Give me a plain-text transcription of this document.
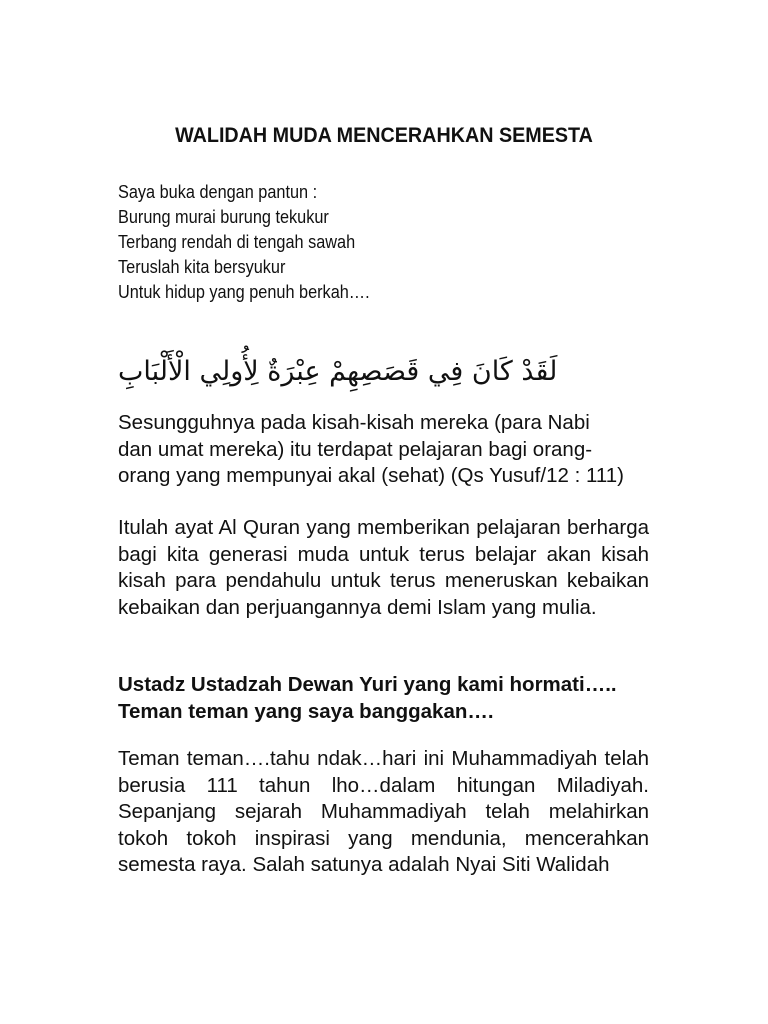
WALIDAH MUDA MENCERAHKAN SEMESTA
Saya buka dengan pantun :
Burung murai burung tekukur
Terbang rendah di tengah sawah
Teruslah kita bersyukur
Untuk hidup yang penuh berkah….
لَقَدْ كَانَ فِي قَصَصِهِمْ عِبْرَةٌ لِأُولِي الْأَلْبَابِ
Sesungguhnya pada kisah-kisah mereka (para Nabi
dan umat mereka) itu terdapat pelajaran bagi orang-
orang yang mempunyai akal (sehat) (Qs Yusuf/12 : 111)
Itulah ayat Al Quran yang memberikan pelajaran berharga bagi kita generasi muda untuk terus belajar akan kisah kisah para pendahulu untuk terus meneruskan kebaikan kebaikan dan perjuangannya demi Islam yang mulia.
Ustadz Ustadzah Dewan Yuri yang kami hormati…..
Teman teman yang saya banggakan….
Teman teman….tahu ndak…hari ini Muhammadiyah telah berusia 111 tahun lho…dalam hitungan Miladiyah. Sepanjang sejarah Muhammadiyah telah melahirkan tokoh tokoh inspirasi yang mendunia, mencerahkan semesta raya. Salah satunya adalah Nyai Siti Walidah
